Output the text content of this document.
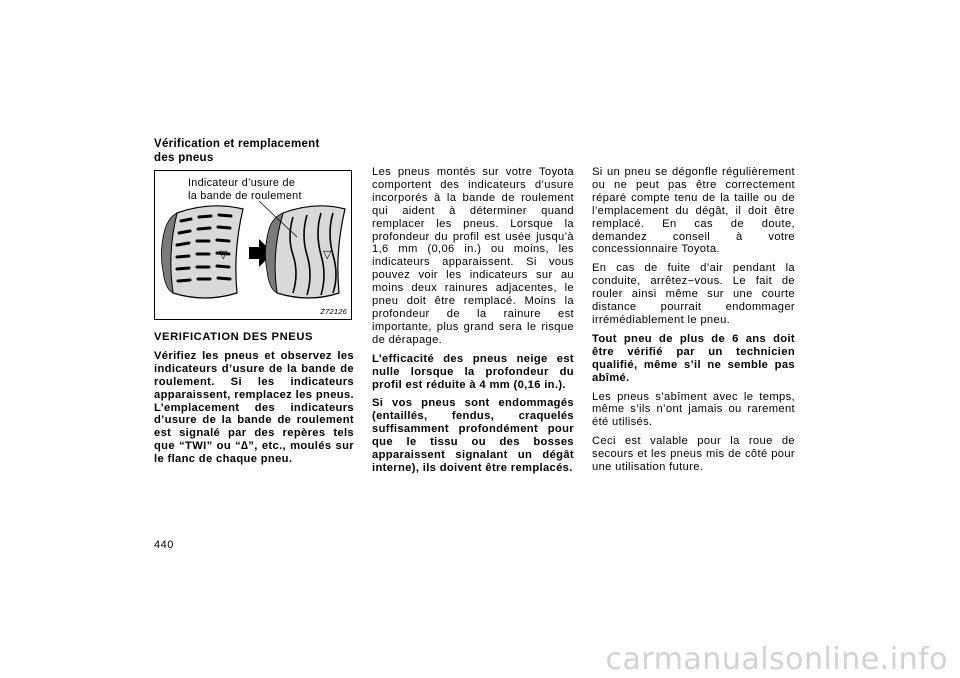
Vérification et remplacement
des pneus
▽	▽
Indicateur d’usure de
la bande de roulement
Z72126

VERIFICATION DES PNEUS

Vérifiez les pneus et observez les indicateurs d’usure de la bande de roulement. Si les indicateurs apparaissent, remplacez les pneus. L’emplacement des indicateurs d’usure de la bande de roulement est signalé par des repères tels que “TWI” ou “∆”, etc., moulés sur le flanc de chaque pneu.

Les pneus montés sur votre Toyota comportent des indicateurs d’usure incorporés à la bande de roulement qui aident à déterminer quand remplacer les pneus. Lorsque la profondeur du profil est usée jusqu’à 1,6 mm (0,06 in.) ou moins, les indicateurs apparaissent. Si vous pouvez voir les indicateurs sur au moins deux rainures adjacentes, le pneu doit être remplacé. Moins la profondeur de la rainure est importante, plus grand sera le risque de dérapage.

L’efficacité des pneus neige est nulle lorsque la profondeur du profil est réduite à 4 mm (0,16 in.).

Si vos pneus sont endommagés (entaillés, fendus, craquelés suffisamment profondément pour que le tissu ou des bosses apparaissent signalant un dégât interne), ils doivent être remplacés.

Si un pneu se dégonfle régulièrement ou ne peut pas être correctement réparé compte tenu de la taille ou de l’emplacement du dégât, il doit être remplacé. En cas de doute, demandez conseil à votre concessionnaire Toyota.

En cas de fuite d’air pendant la conduite, arrêtez−vous. Le fait de rouler ainsi même sur une courte distance pourrait endommager irrémédiablement le pneu.

Tout pneu de plus de 6 ans doit être vérifié par un technicien qualifié, même s’il ne semble pas abîmé.

Les pneus s’abîment avec le temps, même s’ils n’ont jamais ou rarement été utilisés.

Ceci est valable pour la roue de secours et les pneus mis de côté pour une utilisation future.

440
carmanualsonline.info
